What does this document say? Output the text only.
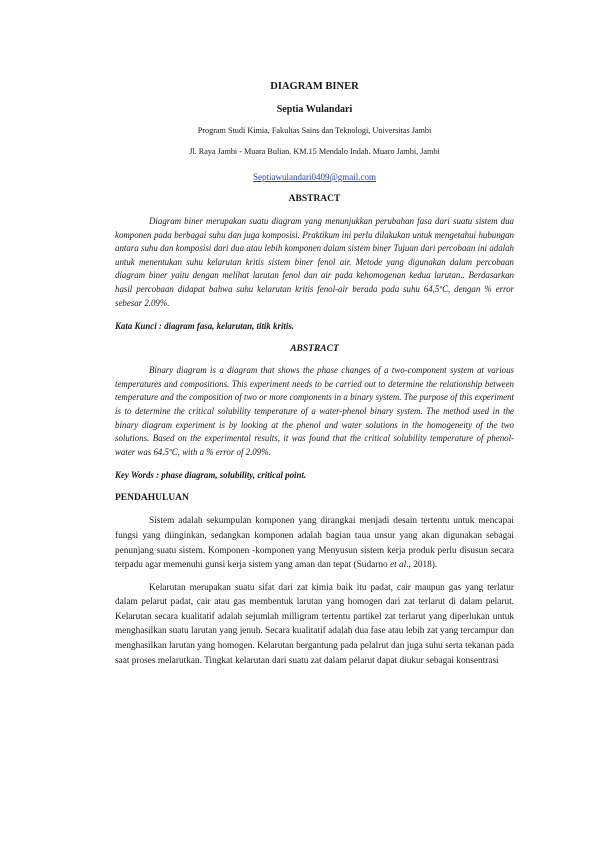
DIAGRAM BINER

Septia Wulandari

Program Studi Kimia, Fakultas Sains dan Teknologi, Universitas Jambi

Jl. Raya Jambi - Muara Bulian. KM.15 Mendalo Indah. Muaro Jambi, Jambi

Septiawulandari0409@gmail.com

ABSTRACT

Diagram biner merupakan suatu diagram yang menunjukkan perubahan fasa dari suatu sistem dua komponen pada berbagai suhu dan juga komposisi. Praktikum ini perlu dilakukan untuk mengetahui hubungan antara suhu dan komposisi dari dua atau lebih komponen dalam sistem biner Tujuan dari percobaan ini adalah untuk menentukan suhu kelarutan kritis sistem biner fenol air. Metode yang digunakan dalam percobaan diagram biner yaitu dengan melihat larutan fenol dan air pada kehomogenan kedua larutan.. Berdasarkan hasil percobaan didapat bahwa suhu kelarutan kritis fenol-air berada pada suhu 64,5ºC, dengan % error sebesar 2.09%.

Kata Kunci : diagram fasa, kelarutan, titik kritis.

ABSTRACT

Binary diagram is a diagram that shows the phase changes of a two-component system at various temperatures and compositions. This experiment needs to be carried out to determine the relationship between temperature and the composition of two or more components in a binary system. The purpose of this experiment is to determine the critical solubility temperature of a water-phenol binary system. The method used in the binary diagram experiment is by looking at the phenol and water solutions in the homogeneity of the two solutions. Based on the experimental results, it was found that the critical solubility temperature of phenol-water was 64.5ºC, with a % error of 2.09%.

Key Words : phase diagram, solubility, critical point.

PENDAHULUAN

Sistem adalah sekumpulan komponen yang dirangkai menjadi desain tertentu untuk mencapai fungsi yang diinginkan, sedangkan komponen adalah bagian taua unsur yang akan digunakan sebagai penunjang suatu sistem. Komponen -komponen yang Menyusun sistem kerja produk perlu disusun secara terpadu agar memenuhi gunsi kerja sistem yang aman dan tepat (Sudarno et al., 2018).

Kelarutan merupakan suatu sifat dari zat kimia baik itu padat, cair maupun gas yang terlatur dalam pelarut padat, cair atau gas membentuk larutan yang homogen dari zat terlarut di dalam pelarut. Kelarutan secara kualitatif adalah sejumlah milligram tertentu partikel zat terlarut yang diperlukan untuk menghasilkan suatu larutan yang jenuh. Secara kualitatif adalah dua fase atau lebih zat yang tercampur dan menghasilkan larutan yang homogen. Kelarutan bergantung pada pelalrut dan juga suhu serta tekanan pada saat proses melarutkan. Tingkat kelarutan dari suatu zat dalam pelarut dapat diukur sebagai konsentrasi
